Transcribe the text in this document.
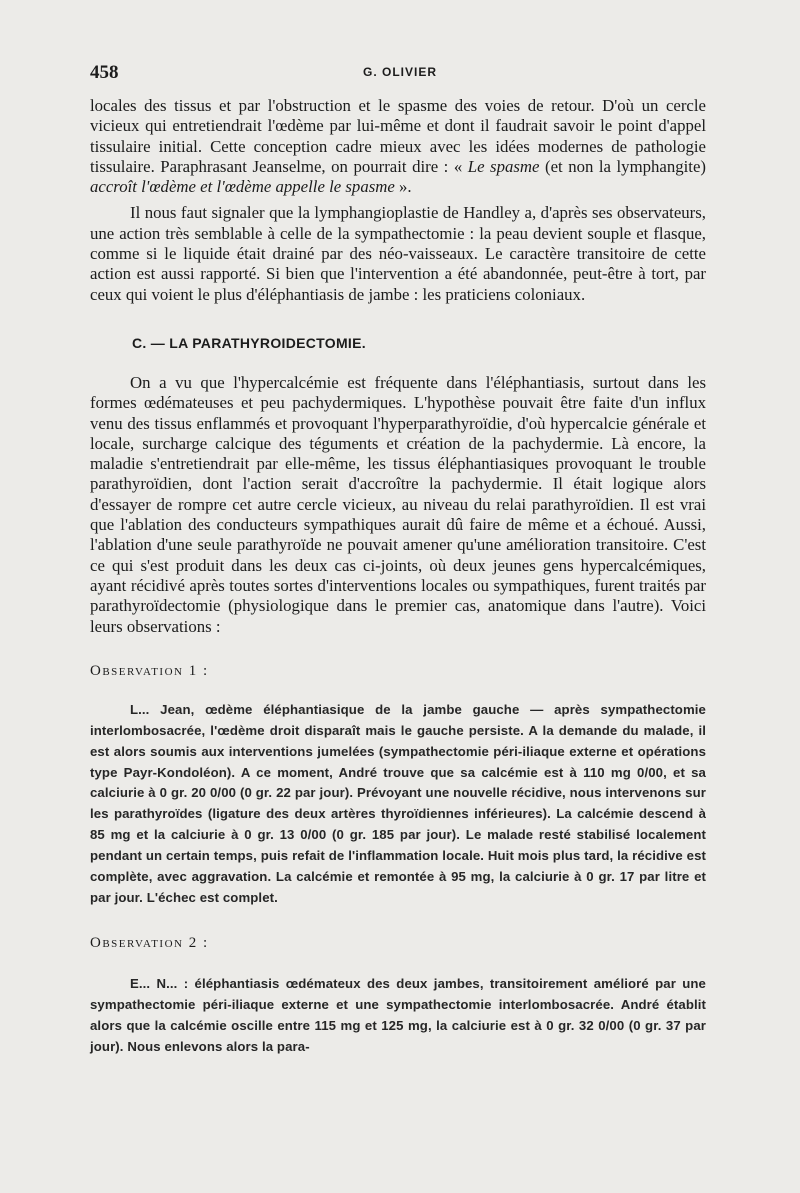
458	G. OLIVIER

locales des tissus et par l'obstruction et le spasme des voies de retour. D'où un cercle vicieux qui entretiendrait l'œdème par lui-même et dont il faudrait savoir le point d'appel tissulaire initial. Cette conception cadre mieux avec les idées modernes de pathologie tissulaire. Paraphrasant Jeanselme, on pourrait dire : « Le spasme (et non la lymphangite) accroît l'œdème et l'œdème appelle le spasme ».

Il nous faut signaler que la lymphangioplastie de Handley a, d'après ses observateurs, une action très semblable à celle de la sympathectomie : la peau devient souple et flasque, comme si le liquide était drainé par des néo-vaisseaux. Le caractère transitoire de cette action est aussi rapporté. Si bien que l'intervention a été abandonnée, peut-être à tort, par ceux qui voient le plus d'éléphantiasis de jambe : les praticiens coloniaux.

C. — LA PARATHYROIDECTOMIE.

On a vu que l'hypercalcémie est fréquente dans l'éléphantiasis, surtout dans les formes œdémateuses et peu pachydermiques. L'hypothèse pouvait être faite d'un influx venu des tissus enflammés et provoquant l'hyperparathyroïdie, d'où hypercalcie générale et locale, surcharge calcique des téguments et création de la pachydermie. Là encore, la maladie s'entretiendrait par elle-même, les tissus éléphantiasiques provoquant le trouble parathyroïdien, dont l'action serait d'accroître la pachydermie. Il était logique alors d'essayer de rompre cet autre cercle vicieux, au niveau du relai parathyroïdien. Il est vrai que l'ablation des conducteurs sympathiques aurait dû faire de même et a échoué. Aussi, l'ablation d'une seule parathyroïde ne pouvait amener qu'une amélioration transitoire. C'est ce qui s'est produit dans les deux cas ci-joints, où deux jeunes gens hypercalcémiques, ayant récidivé après toutes sortes d'interventions locales ou sympathiques, furent traités par parathyroïdectomie (physiologique dans le premier cas, anatomique dans l'autre). Voici leurs observations :

Observation 1 :

L... Jean, œdème éléphantiasique de la jambe gauche — après sympathectomie interlombosacrée, l'œdème droit disparaît mais le gauche persiste. A la demande du malade, il est alors soumis aux interventions jumelées (sympathectomie péri-iliaque externe et opérations type Payr-Kondoléon). A ce moment, André trouve que sa calcémie est à 110 mg 0/00, et sa calciurie à 0 gr. 20 0/00 (0 gr. 22 par jour). Prévoyant une nouvelle récidive, nous intervenons sur les parathyroïdes (ligature des deux artères thyroïdiennes inférieures). La calcémie descend à 85 mg et la calciurie à 0 gr. 13 0/00 (0 gr. 185 par jour). Le malade resté stabilisé localement pendant un certain temps, puis refait de l'inflammation locale. Huit mois plus tard, la récidive est complète, avec aggravation. La calcémie et remontée à 95 mg, la calciurie à 0 gr. 17 par litre et par jour. L'échec est complet.

Observation 2 :

E... N... : éléphantiasis œdémateux des deux jambes, transitoirement amélioré par une sympathectomie péri-iliaque externe et une sympathectomie interlombosacrée. André établit alors que la calcémie oscille entre 115 mg et 125 mg, la calciurie est à 0 gr. 32 0/00 (0 gr. 37 par jour). Nous enlevons alors la para-
